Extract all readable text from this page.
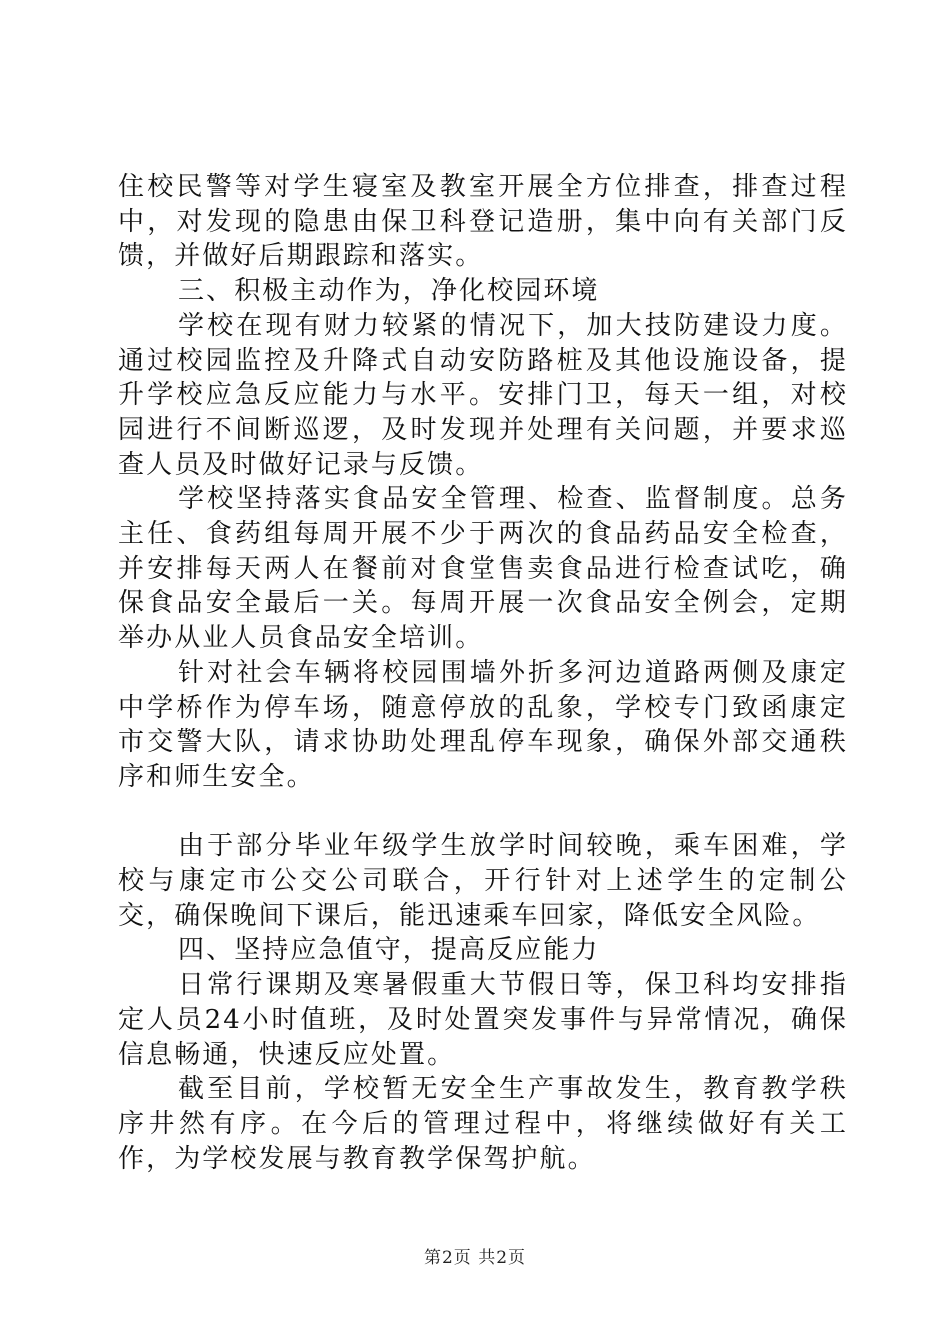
住校民警等对学生寝室及教室开展全方位排查，排查过程中，对发现的隐患由保卫科登记造册，集中向有关部门反馈，并做好后期跟踪和落实。

三、积极主动作为，净化校园环境

学校在现有财力较紧的情况下，加大技防建设力度。通过校园监控及升降式自动安防路桩及其他设施设备，提升学校应急反应能力与水平。安排门卫，每天一组，对校园进行不间断巡逻，及时发现并处理有关问题，并要求巡查人员及时做好记录与反馈。

学校坚持落实食品安全管理、检查、监督制度。总务主任、食药组每周开展不少于两次的食品药品安全检查，并安排每天两人在餐前对食堂售卖食品进行检查试吃，确保食品安全最后一关。每周开展一次食品安全例会，定期举办从业人员食品安全培训。

针对社会车辆将校园围墙外折多河边道路两侧及康定中学桥作为停车场，随意停放的乱象，学校专门致函康定市交警大队，请求协助处理乱停车现象，确保外部交通秩序和师生安全。

由于部分毕业年级学生放学时间较晚，乘车困难，学校与康定市公交公司联合，开行针对上述学生的定制公交，确保晚间下课后，能迅速乘车回家，降低安全风险。

四、坚持应急值守，提高反应能力

日常行课期及寒暑假重大节假日等，保卫科均安排指定人员24小时值班，及时处置突发事件与异常情况，确保信息畅通，快速反应处置。

截至目前，学校暂无安全生产事故发生，教育教学秩序井然有序。在今后的管理过程中，将继续做好有关工作，为学校发展与教育教学保驾护航。

第2页 共2页
